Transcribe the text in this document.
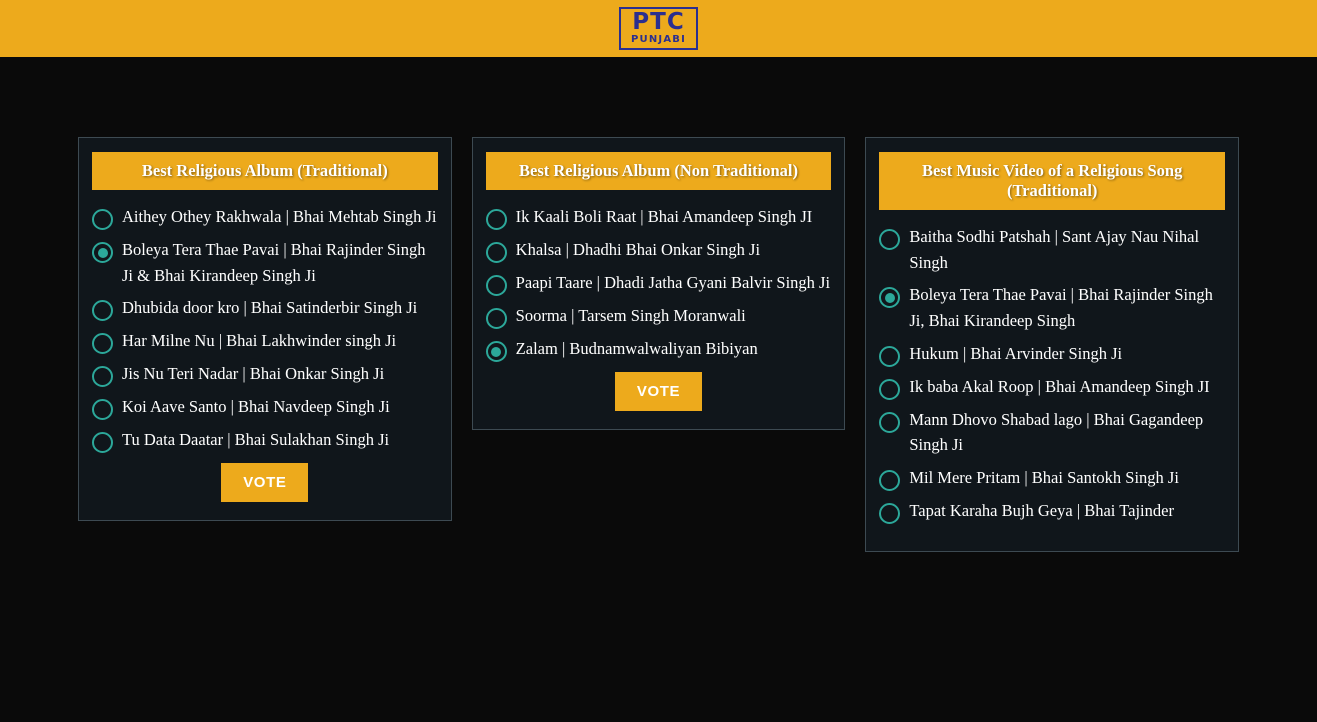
PTC
PUNJABI
Best Religious Album (Traditional)
Aithey Othey Rakhwala | Bhai Mehtab Singh Ji
Boleya Tera Thae Pavai | Bhai Rajinder Singh Ji & Bhai Kirandeep Singh Ji
Dhubida door kro | Bhai Satinderbir Singh Ji
Har Milne Nu | Bhai Lakhwinder singh Ji
Jis Nu Teri Nadar | Bhai Onkar Singh Ji
Koi Aave Santo | Bhai Navdeep Singh Ji
Tu Data Daatar | Bhai Sulakhan Singh Ji
VOTE
Best Religious Album (Non Traditional)
Ik Kaali Boli Raat | Bhai Amandeep Singh JI
Khalsa | Dhadhi Bhai Onkar Singh Ji
Paapi Taare | Dhadi Jatha Gyani Balvir Singh Ji
Soorma | Tarsem Singh Moranwali
Zalam | Budnamwalwaliyan Bibiyan
VOTE
Best Music Video of a Religious Song (Traditional)
Baitha Sodhi Patshah | Sant Ajay Nau Nihal Singh
Boleya Tera Thae Pavai | Bhai Rajinder Singh Ji, Bhai Kirandeep Singh
Hukum | Bhai Arvinder Singh Ji
Ik baba Akal Roop | Bhai Amandeep Singh JI
Mann Dhovo Shabad lago | Bhai Gagandeep Singh Ji
Mil Mere Pritam | Bhai Santokh Singh Ji
Tapat Karaha Bujh Geya | Bhai Tajinder
